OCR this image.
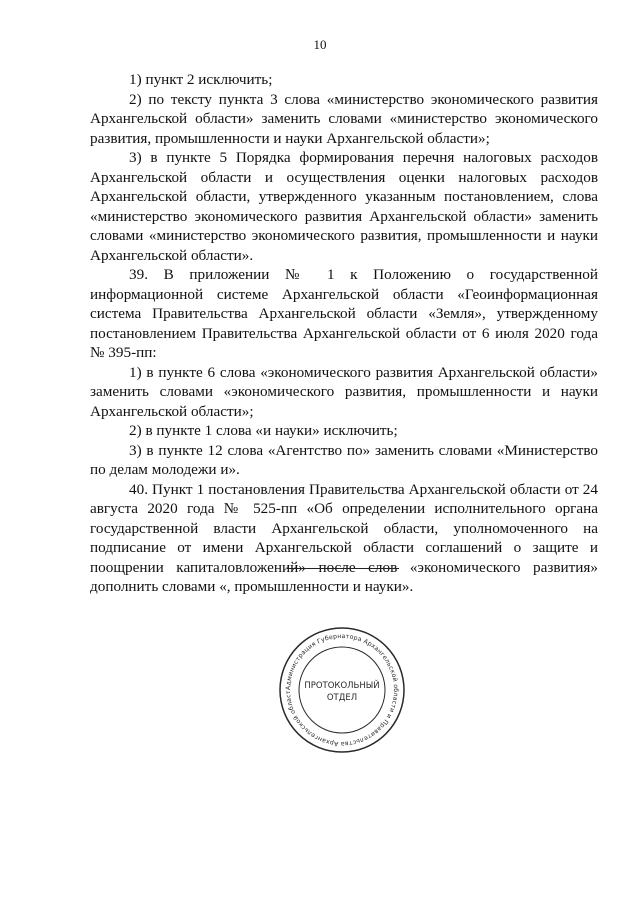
10

1) пункт 2 исключить;

2) по тексту пункта 3 слова «министерство экономического развития Архангельской области» заменить словами «министерство экономического развития, промышленности и науки Архангельской области»;

3) в пункте 5 Порядка формирования перечня налоговых расходов Архангельской области и осуществления оценки налоговых расходов Архангельской области, утвержденного указанным постановлением, слова «министерство экономического развития Архангельской области» заменить словами «министерство экономического развития, промышленности и науки Архангельской области».

39. В приложении № 1 к Положению о государственной информационной системе Архангельской области «Геоинформационная система Правительства Архангельской области «Земля», утвержденному постановлением Правительства Архангельской области от 6 июля 2020 года № 395-пп:

1) в пункте 6 слова «экономического развития Архангельской области» заменить словами «экономического развития, промышленности и науки Архангельской области»;

2) в пункте 1 слова «и науки» исключить;

3) в пункте 12 слова «Агентство по» заменить словами «Министерство по делам молодежи и».

40. Пункт 1 постановления Правительства Архангельской области от 24 августа 2020 года № 525-пп «Об определении исполнительного органа государственной власти Архангельской области, уполномоченного на подписание от имени Архангельской области соглашений о защите и поощрении капиталовложений» после слов «экономического развития» дополнить словами «, промышленности и науки».

Администрация Губернатора Архангельской области и Правительства Архангельской област
ПРОТОКОЛЬНЫЙ
ОТДЕЛ
